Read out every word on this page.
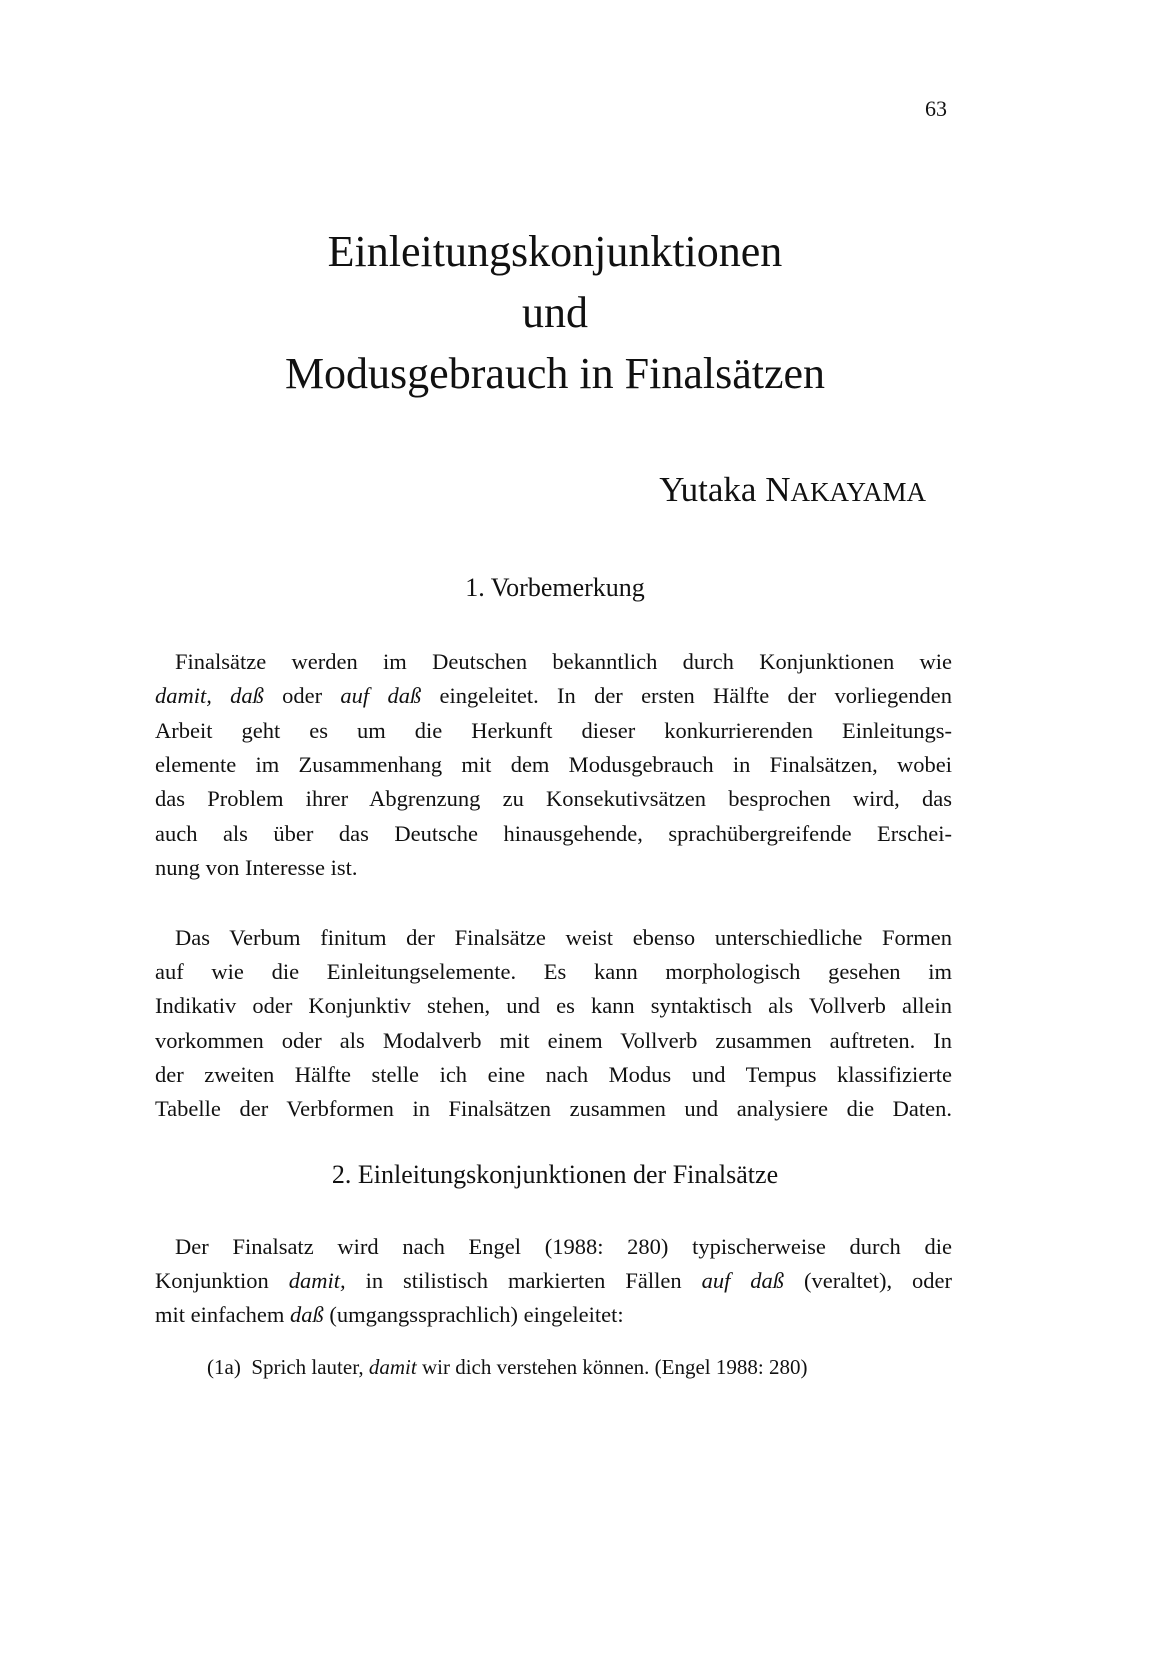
63
Einleitungskonjunktionen
und
Modusgebrauch in Finalsätzen
Yutaka NAKAYAMA
1. Vorbemerkung
Finalsätze werden im Deutschen bekanntlich durch Konjunktionen wie
damit, daß oder auf daß eingeleitet. In der ersten Hälfte der vorliegenden
Arbeit geht es um die Herkunft dieser konkurrierenden Einleitungs-
elemente im Zusammenhang mit dem Modusgebrauch in Finalsätzen, wobei
das Problem ihrer Abgrenzung zu Konsekutivsätzen besprochen wird, das
auch als über das Deutsche hinausgehende, sprachübergreifende Erschei-
nung von Interesse ist.
Das Verbum finitum der Finalsätze weist ebenso unterschiedliche Formen
auf wie die Einleitungselemente. Es kann morphologisch gesehen im
Indikativ oder Konjunktiv stehen, und es kann syntaktisch als Vollverb allein
vorkommen oder als Modalverb mit einem Vollverb zusammen auftreten. In
der zweiten Hälfte stelle ich eine nach Modus und Tempus klassifizierte
Tabelle der Verbformen in Finalsätzen zusammen und analysiere die Daten.
2. Einleitungskonjunktionen der Finalsätze
Der Finalsatz wird nach Engel (1988: 280) typischerweise durch die
Konjunktion damit, in stilistisch markierten Fällen auf daß (veraltet), oder
mit einfachem daß (umgangssprachlich) eingeleitet:
(1a) Sprich lauter, damit wir dich verstehen können. (Engel 1988: 280)
